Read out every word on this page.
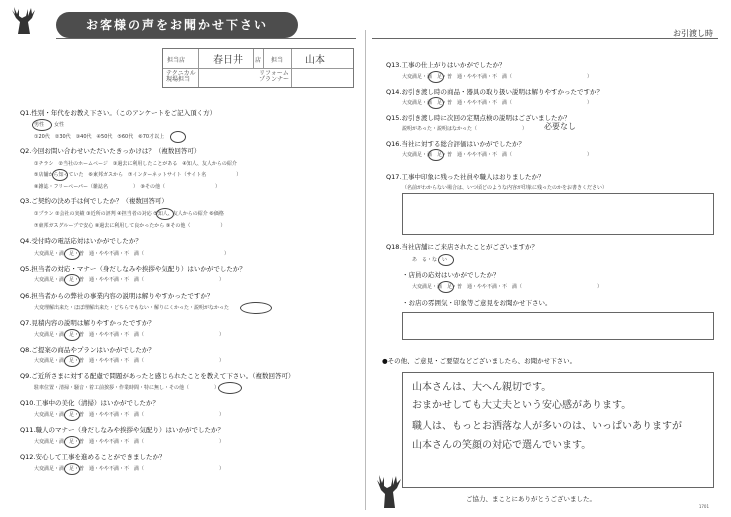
お客様の声をお聞かせ下さい
お引渡し時
担当店	春日井 店 担当 山本
テクニカル 現場担当
リフォーム プランナー
Q1.性別・年代をお教え下さい。（このアンケートをご記入頂く方）
男性　　女性
①20代　②30代　③40代　④50代　⑤60代　⑥70才以上
Q2.今回お問い合わせいただいたきっかけは？（複数回答可）
①チラシ　②当社のホームページ　③過去に利用したことがある　④知人、友人からの紹介
⑤店舗から知っていた　⑥東邦ガスから　⑦インターネットサイト（サイト名　　　　　　）
⑧雑誌・フリーペーパー（雑誌名　　　　　）　⑨その他（　　　　　　　　　　）
Q3.ご契約の決め手は何でしたか？（複数回答可）
①プラン ②会社の実績 ③近所の評判 ④担当者の対応 ⑤知人、友人からの紹介 ⑥価格
⑦東邦ガスグループで安心 ⑧過去に利用して良かったから ⑨その他（　　　　　　）
Q4.受付時の電話応対はいかがでしたか？
大変満足・満　足・普　通・やや不満・不　満（　　　　　　　　　　　　　　　　）
Q5.担当者の対応・マナー（身だしなみや挨拶や気配り）はいかがでしたか？
大変満足・満　足・普　通・やや不満・不　満（　　　　　　　　　　　　　　　）
Q6.担当者からの弊社の事業内容の説明は解りやすかったですか？
大変理解出来た・ほぼ理解出来た・どちらでもない・解りにくかった・説明がなかった
Q7.見積内容の説明は解りやすかったですか？
大変満足・満　足・普　通・やや不満・不　満（　　　　　　　　　　　　　　　）
Q8.ご提案の商品やプランはいかがでしたか？
大変満足・満　足・普　通・やや不満・不　満（　　　　　　　　　　　　　　　）
Q9.ご近所さまに対する配慮で問題があったと感じられたことを教えて下さい。（複数回答可）
駐車位置・清掃・騒音・着工前挨拶・作業時間・特に無し・その他（　　　　　）
Q10.工事中の美化（清掃）はいかがでしたか？
大変満足・満　足・普　通・やや不満・不　満（　　　　　　　　　　　　　　　）
Q11.職人のマナー（身だしなみや挨拶や気配り）はいかがでしたか？
大変満足・満　足・普　通・やや不満・不　満（　　　　　　　　　　　　　　　）
Q12.安心して工事を進めることができましたか？
大変満足・満　足・普　通・やや不満・不　満（　　　　　　　　　　　　　　　）
Q13.工事の仕上がりはいかがでしたか？
大変満足・満　足・普　通・やや不満・不　満（　　　　　　　　　　　　　　　）
Q14.お引き渡し時の商品・器具の取り扱い説明は解りやすかったですか？
大変満足・満　足・普　通・やや不満・不　満（　　　　　　　　　　　　　　　）
Q15.お引き渡し時に次回の定期点検の説明はございましたか？
説明があった・説明はなかった（　　　　　　　　　） 必要なし
Q16.当社に対する総合評価はいかがでしたか？
大変満足・満　足・普　通・やや不満・不　満（　　　　　　　　　　　　　　　）
Q17.工事中印象に残った社員や職人はおりましたか？
（名前がわからない場合は、いつ頃どのような内容が印象に残ったのかをお書きください）
Q18.当社店舗にご来店されたことがございますか？
あ　る・な　い
・店員の応対はいかがでしたか？
大変満足・満　足・普　通・やや不満・不　満（　　　　　　　　　　　　　　　）
・お店の雰囲気・印象等ご意見をお聞かせ下さい。
●その他、ご意見・ご要望などございましたら、お聞かせ下さい。
山本さんは、大へん親切です。
おまかせしても大丈夫という安心感があります。
職人は、もっとお洒落な人が多いのは、いっぱいありますが
山本さんの笑顔の対応で選んでいます。
ご協力、まことにありがとうございました。
1701
